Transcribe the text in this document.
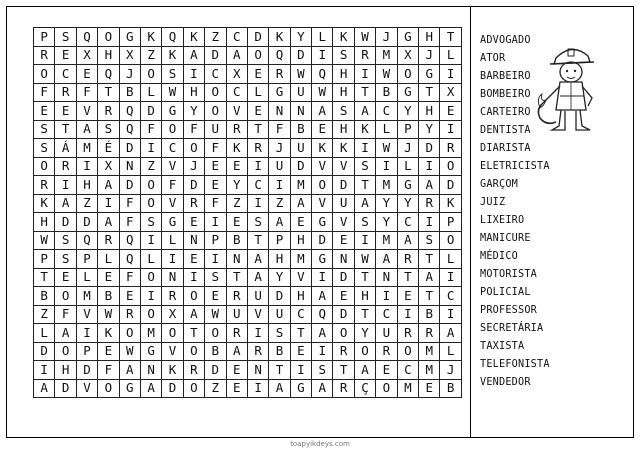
P	S	Q	O	G	K	Q	K	Z	C	D	K	Y	L	K	W	J	G	H	T
R	E	X	H	X	Z	K	A	D	A	O	Q	D	I	S	R	M	X	J	L
O	C	E	Q	J	O	S	I	C	X	E	R	W	Q	H	I	W	O	G	I
F	R	F	T	B	L	W	H	O	C	L	G	U	W	H	T	B	G	T	X
E	E	V	R	Q	D	G	Y	O	V	E	N	N	A	S	A	C	Y	H	E
S	T	A	S	Q	F	O	F	U	R	T	F	B	E	H	K	L	P	Y	I
S	Á	M	É	D	I	C	O	F	K	R	J	U	K	K	I	W	J	D	R
O	R	I	X	N	Z	V	J	E	E	I	U	D	V	V	S	I	L	I	O
R	I	H	A	D	O	F	D	E	Y	C	I	M	O	D	T	M	G	A	D
K	A	Z	I	F	O	V	R	F	Z	I	Z	A	V	U	A	Y	Y	R	K
H	D	D	A	F	S	G	E	I	E	S	A	E	G	V	S	Y	C	I	P
W	S	Q	R	Q	I	L	N	P	B	T	P	H	D	E	I	M	A	S	O
P	S	P	L	Q	L	I	E	I	N	A	H	M	G	N	W	A	R	T	L
T	E	L	E	F	O	N	I	S	T	A	Y	V	I	D	T	N	T	A	I
B	O	M	B	E	I	R	O	E	R	U	D	H	A	E	H	I	E	T	C
Z	F	V	W	R	O	X	A	W	U	V	U	C	Q	D	T	C	I	B	I
L	A	I	K	O	M	O	T	O	R	I	S	T	A	O	Y	U	R	R	A
D	O	P	E	W	G	V	O	B	A	R	B	E	I	R	O	R	O	M	L
I	H	D	F	A	N	K	R	D	E	N	T	I	S	T	A	E	C	M	J
A	D	V	O	G	A	D	O	Z	E	I	A	G	A	R	Ç	O	M	E	B
ADVOGADO
ATOR
BARBEIRO
BOMBEIRO
CARTEIRO
DENTISTA
DIARISTA
ELETRICISTA
GARÇOM
JUIZ
LIXEIRO
MANICURE
MÉDICO
MOTORISTA
POLICIAL
PROFESSOR
SECRETÁRIA
TAXISTA
TELEFONISTA
VENDEDOR
toapyikdeys.com
